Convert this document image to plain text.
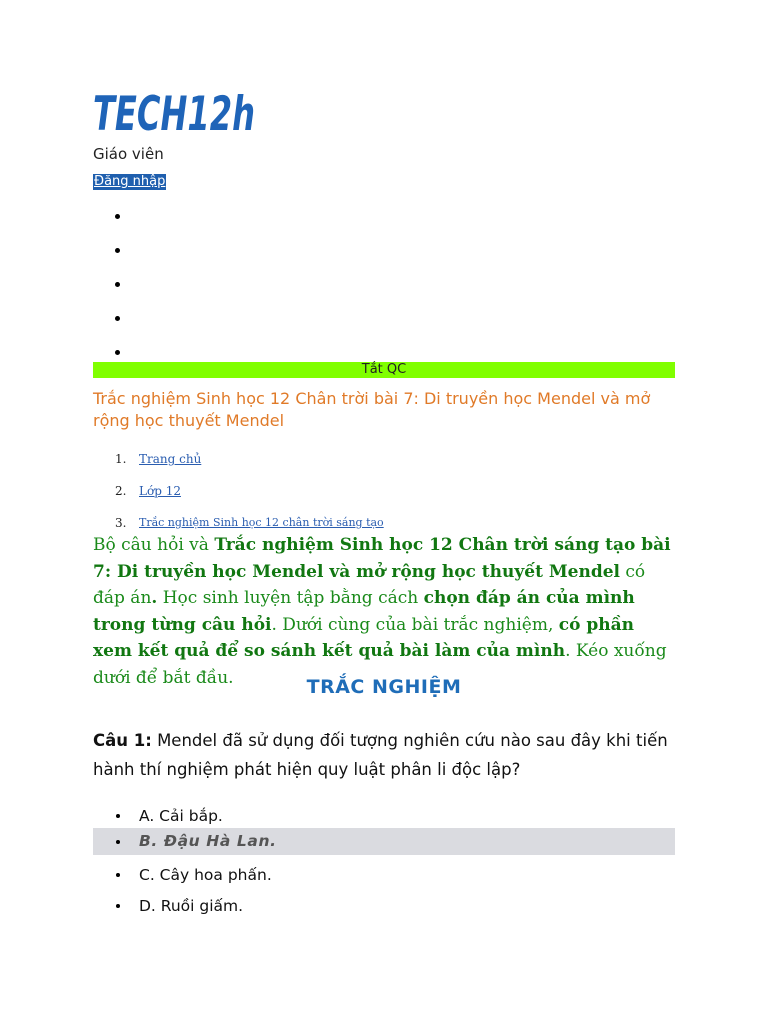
TECH12h
Giáo viên
Đăng nhập
Tắt QC
Trắc nghiệm Sinh học 12 Chân trời bài 7: Di truyền học Mendel và mở rộng học thuyết Mendel
1. Trang chủ
2. Lớp 12
3. Trắc nghiệm Sinh học 12 chân trời sáng tạo

Bộ câu hỏi và Trắc nghiệm Sinh học 12 Chân trời sáng tạo bài 7: Di truyền học Mendel và mở rộng học thuyết Mendel có đáp án. Học sinh luyện tập bằng cách chọn đáp án của mình trong từng câu hỏi. Dưới cùng của bài trắc nghiệm, có phần xem kết quả để so sánh kết quả bài làm của mình. Kéo xuống dưới để bắt đầu.	TRẮC NGHIỆM

Câu 1: Mendel đã sử dụng đối tượng nghiên cứu nào sau đây khi tiến hành thí nghiệm phát hiện quy luật phân li độc lập?

A. Cải bắp.
B. Đậu Hà Lan.
C. Cây hoa phấn.
D. Ruồi giấm.
